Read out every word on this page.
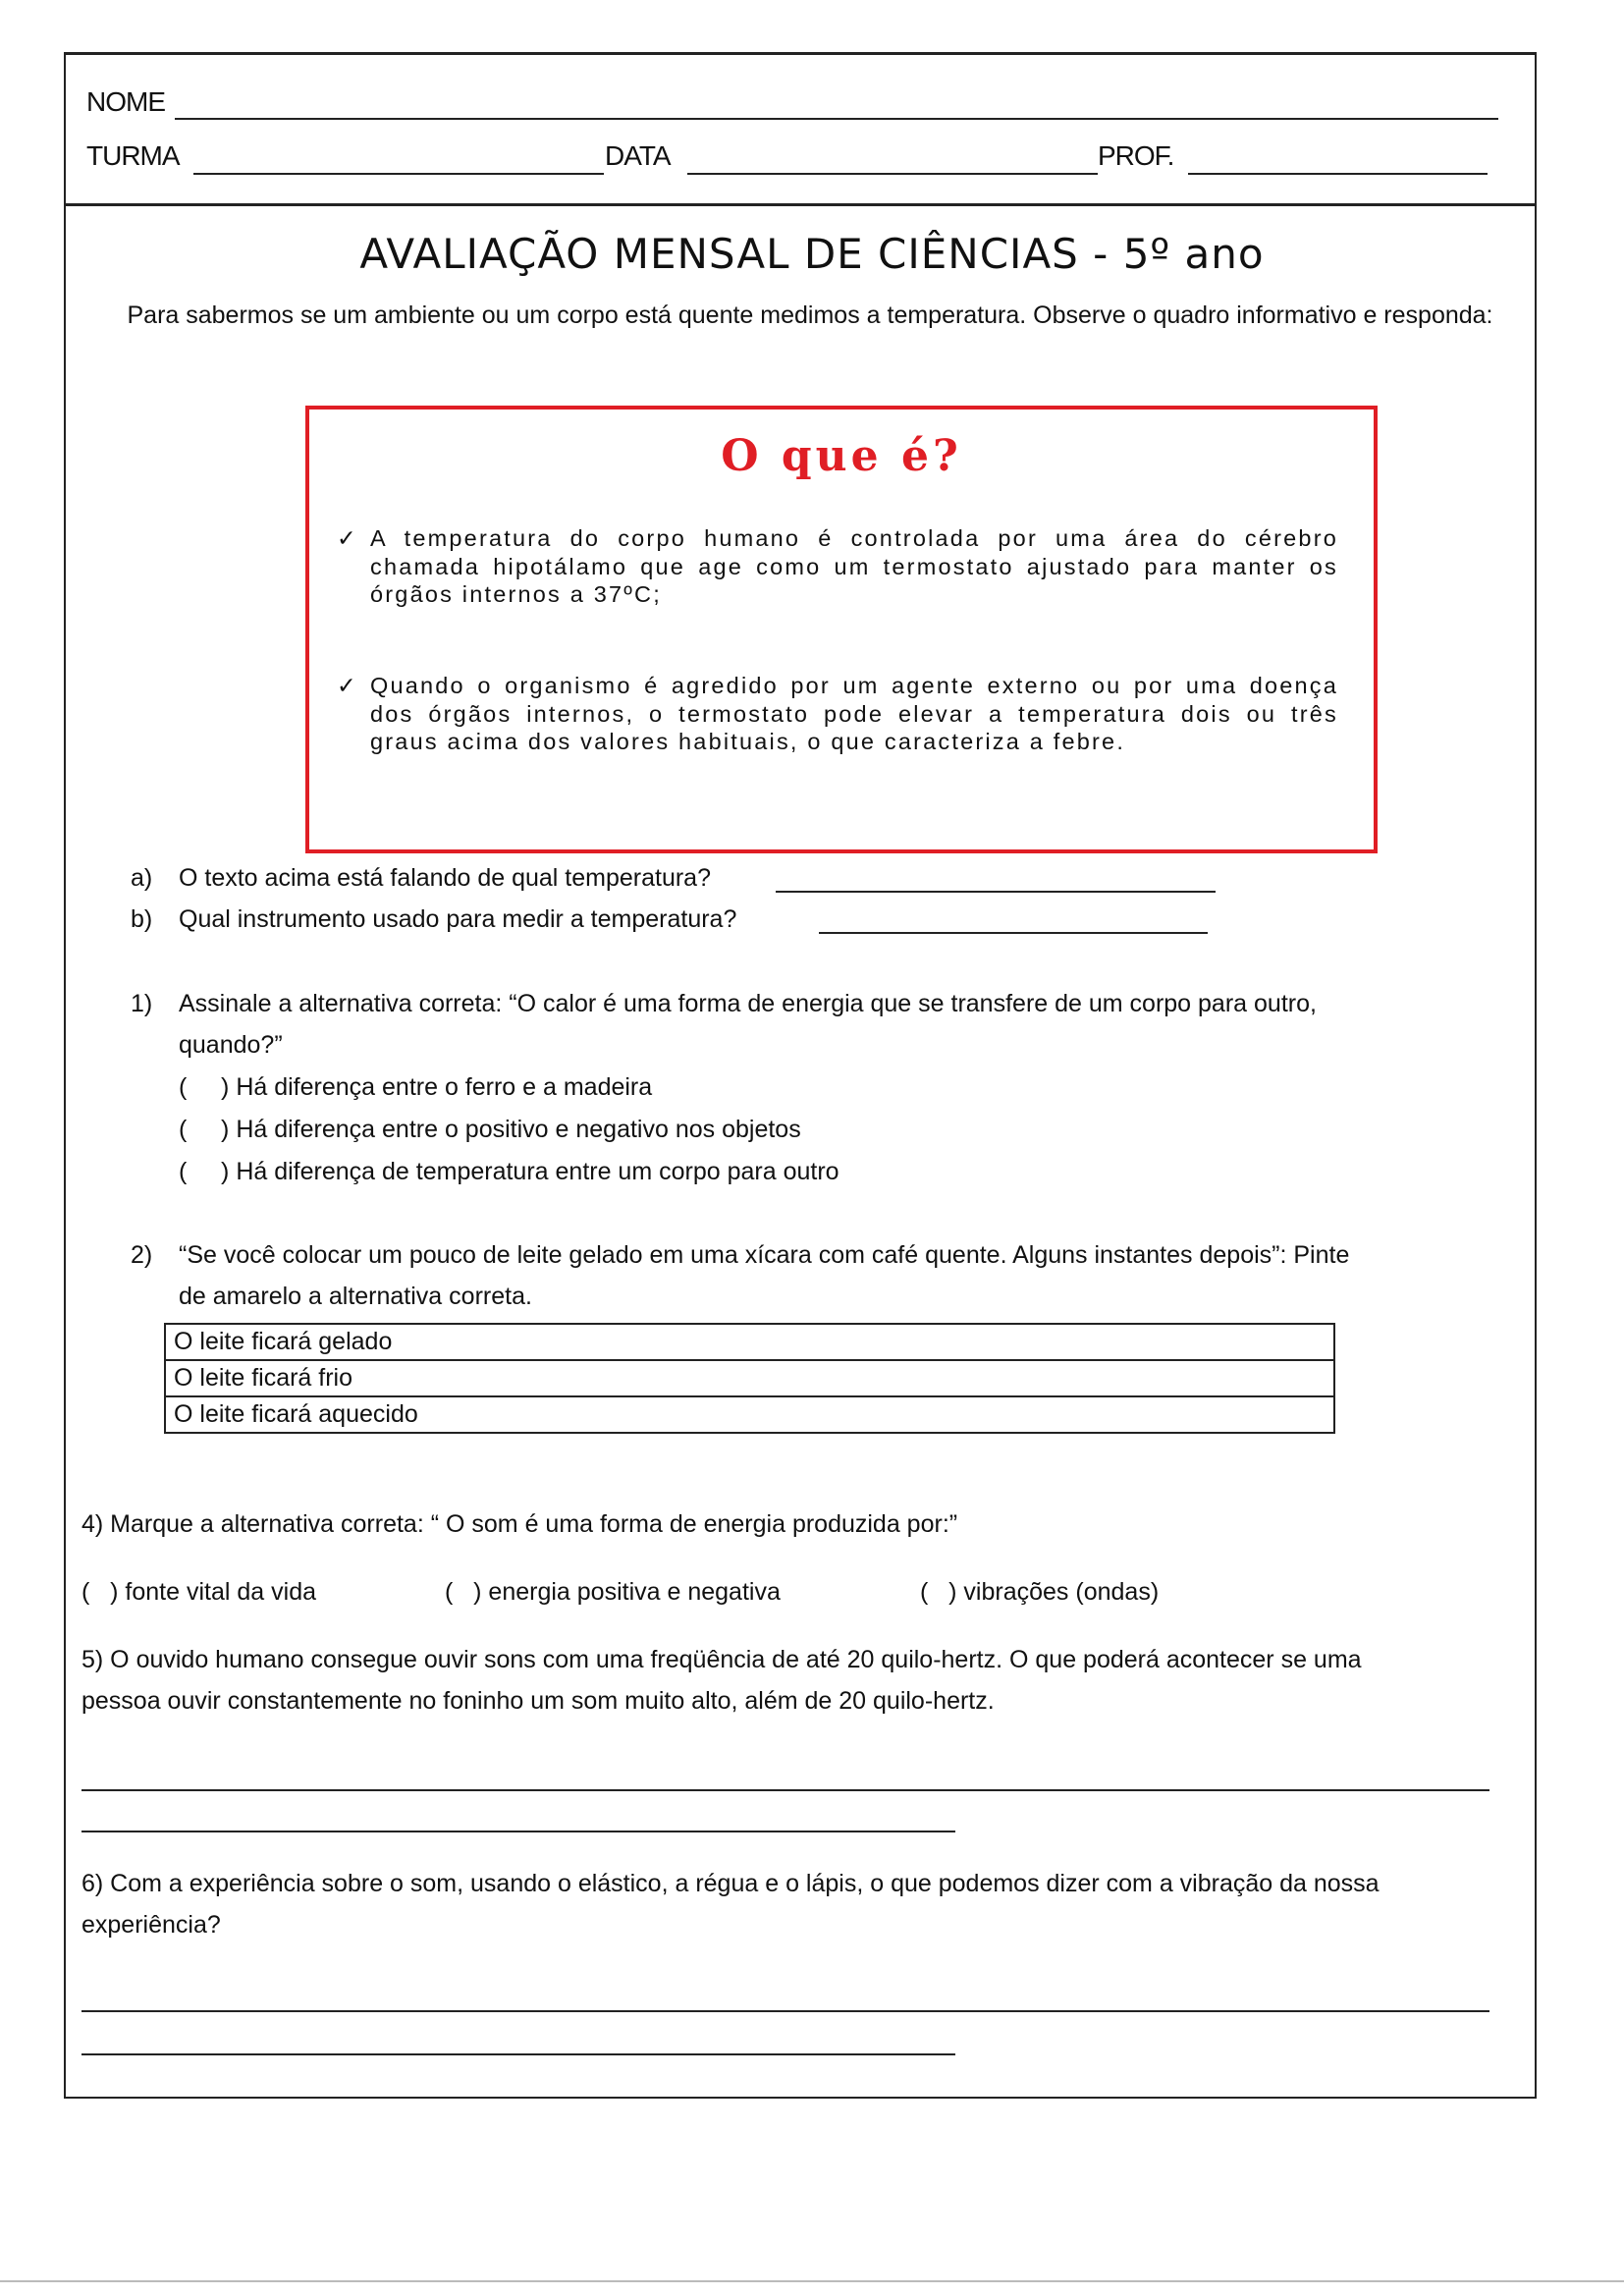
NOME
TURMA	DATA	PROF.
AVALIAÇÃO MENSAL DE CIÊNCIAS - 5º ano
Para sabermos se um ambiente ou um corpo está quente medimos a temperatura. Observe o quadro informativo e responda:
O que é?
✓ A temperatura do corpo humano é controlada por uma área do cérebro chamada hipotálamo que age como um termostato ajustado para manter os órgãos internos a 37ºC;
✓ Quando o organismo é agredido por um agente externo ou por uma doença dos órgãos internos, o termostato pode elevar a temperatura dois ou três graus acima dos valores habituais, o que caracteriza a febre.
a) O texto acima está falando de qual temperatura?
b) Qual instrumento usado para medir a temperatura?
1) Assinale a alternativa correta: “O calor é uma forma de energia que se transfere de um corpo para outro,
quando?”
(     ) Há diferença entre o ferro e a madeira
(     ) Há diferença entre o positivo e negativo nos objetos
(     ) Há diferença de temperatura entre um corpo para outro
2) “Se você colocar um pouco de leite gelado em uma xícara com café quente. Alguns instantes depois”: Pinte
de amarelo a alternativa correta.
O leite ficará gelado
O leite ficará frio
O leite ficará aquecido
4) Marque a alternativa correta: “ O som é uma forma de energia produzida por:”
(   ) fonte vital da vida	(   ) energia positiva e negativa	(   ) vibrações (ondas)
5) O ouvido humano consegue ouvir sons com uma freqüência de até 20 quilo-hertz. O que poderá acontecer se uma
pessoa ouvir constantemente no foninho um som muito alto, além de 20 quilo-hertz.
6) Com a experiência sobre o som, usando o elástico, a régua e o lápis, o que podemos dizer com a vibração da nossa
experiência?
